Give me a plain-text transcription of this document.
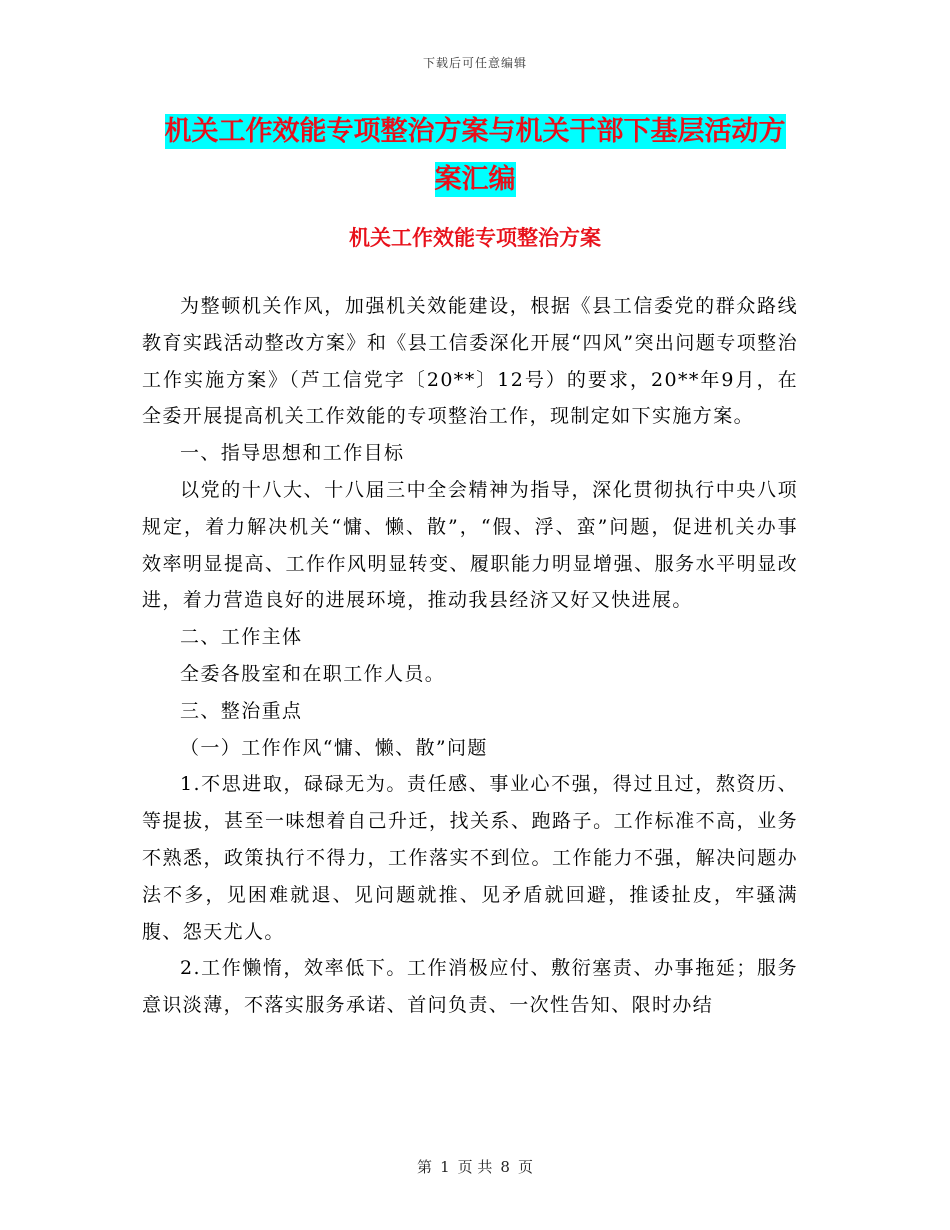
下载后可任意编辑
机关工作效能专项整治方案与机关干部下基层活动方
案汇编
机关工作效能专项整治方案

为整顿机关作风，加强机关效能建设，根据《县工信委党的群众路线教育实践活动整改方案》和《县工信委深化开展“四风”突出问题专项整治工作实施方案》（芦工信党字〔20**〕12号）的要求，20**年9月，在全委开展提高机关工作效能的专项整治工作，现制定如下实施方案。

一、指导思想和工作目标

以党的十八大、十八届三中全会精神为指导，深化贯彻执行中央八项规定，着力解决机关“慵、懒、散”，“假、浮、蛮”问题，促进机关办事效率明显提高、工作作风明显转变、履职能力明显增强、服务水平明显改进，着力营造良好的进展环境，推动我县经济又好又快进展。

二、工作主体

全委各股室和在职工作人员。

三、整治重点

（一）工作作风“慵、懒、散”问题

1.不思进取，碌碌无为。责任感、事业心不强，得过且过，熬资历、等提拔，甚至一味想着自己升迁，找关系、跑路子。工作标准不高，业务不熟悉，政策执行不得力，工作落实不到位。工作能力不强，解决问题办法不多，见困难就退、见问题就推、见矛盾就回避，推诿扯皮，牢骚满腹、怨天尤人。

2.工作懒惰，效率低下。工作消极应付、敷衍塞责、办事拖延；服务意识淡薄，不落实服务承诺、首问负责、一次性告知、限时办结

第 1 页 共 8 页
